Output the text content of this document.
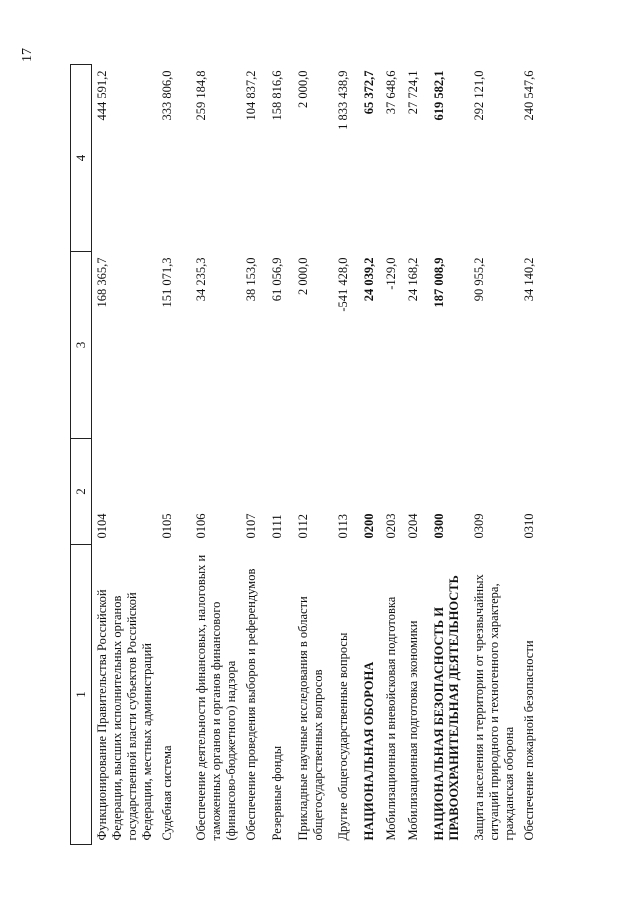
17
1	2	3	4
Функционирование Правительства Российской Федерации, высших исполнительных органов государственной власти субъектов Российской Федерации, местных администраций	0104	168 365,7	444 591,2
Судебная система	0105	151 071,3	333 806,0
Обеспечение деятельности финансовых, налоговых и таможенных органов и органов финансового (финансово-бюджетного) надзора	0106	34 235,3	259 184,8
Обеспечение проведения выборов и референдумов	0107	38 153,0	104 837,2
Резервные фонды	0111	61 056,9	158 816,6
Прикладные научные исследования в области общегосударственных вопросов	0112	2 000,0	2 000,0
Другие общегосударственные вопросы	0113	-541 428,0	1 833 438,9
НАЦИОНАЛЬНАЯ ОБОРОНА	0200	24 039,2	65 372,7
Мобилизационная и вневойсковая подготовка	0203	-129,0	37 648,6
Мобилизационная подготовка экономики	0204	24 168,2	27 724,1
НАЦИОНАЛЬНАЯ БЕЗОПАСНОСТЬ И ПРАВООХРАНИТЕЛЬНАЯ ДЕЯТЕЛЬНОСТЬ	0300	187 008,9	619 582,1
Защита населения и территории от чрезвычайных ситуаций природного и техногенного характера, гражданская оборона	0309	90 955,2	292 121,0
Обеспечение пожарной безопасности	0310	34 140,2	240 547,6
